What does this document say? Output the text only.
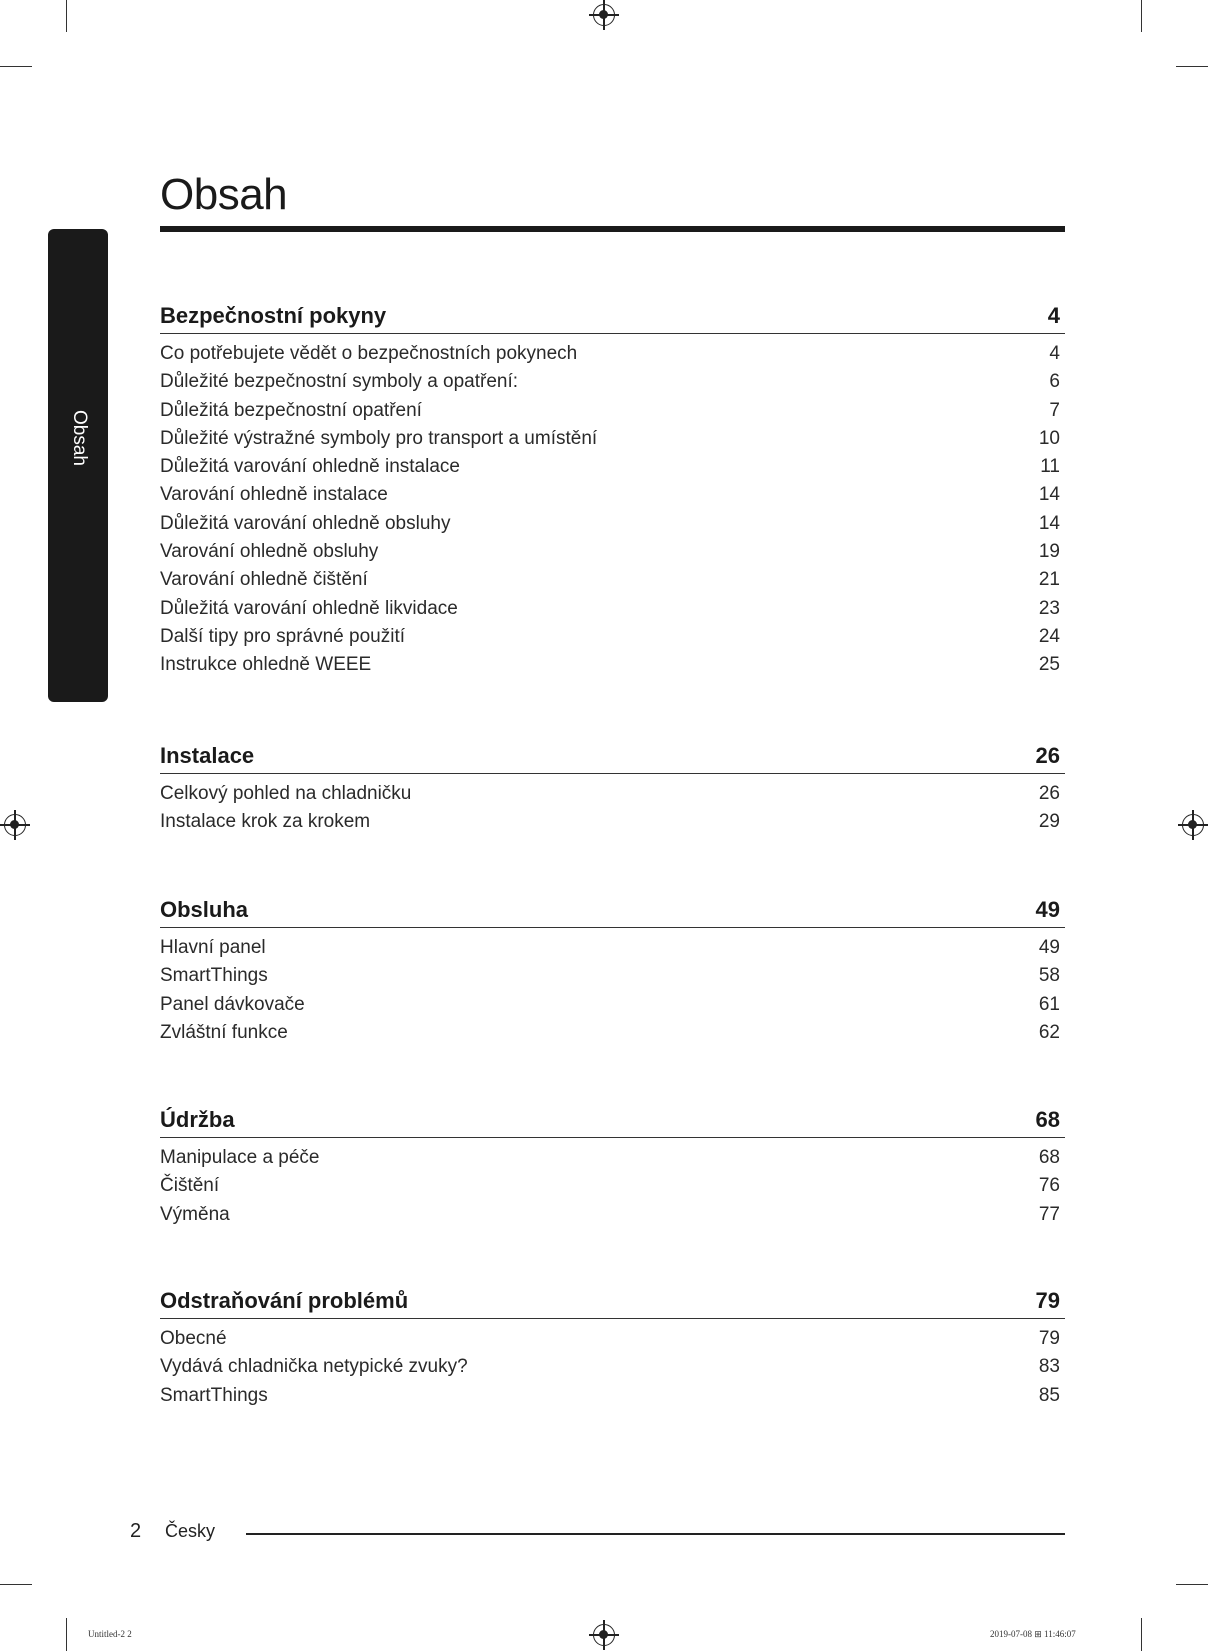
Obsah
Obsah
Bezpečnostní pokyny	4
Co potřebujete vědět o bezpečnostních pokynech	4
Důležité bezpečnostní symboly a opatření:	6
Důležitá bezpečnostní opatření	7
Důležité výstražné symboly pro transport a umístění	10
Důležitá varování ohledně instalace	11
Varování ohledně instalace	14
Důležitá varování ohledně obsluhy	14
Varování ohledně obsluhy	19
Varování ohledně čištění	21
Důležitá varování ohledně likvidace	23
Další tipy pro správné použití	24
Instrukce ohledně WEEE	25
Instalace	26
Celkový pohled na chladničku	26
Instalace krok za krokem	29
Obsluha	49
Hlavní panel	49
SmartThings	58
Panel dávkovače	61
Zvláštní funkce	62
Údržba	68
Manipulace a péče	68
Čištění	76
Výměna	77
Odstraňování problémů	79
Obecné	79
Vydává chladnička netypické zvuky?	83
SmartThings	85
2 Česky
Untitled-2 2	2019-07-08 ⊞ 11:46:07
